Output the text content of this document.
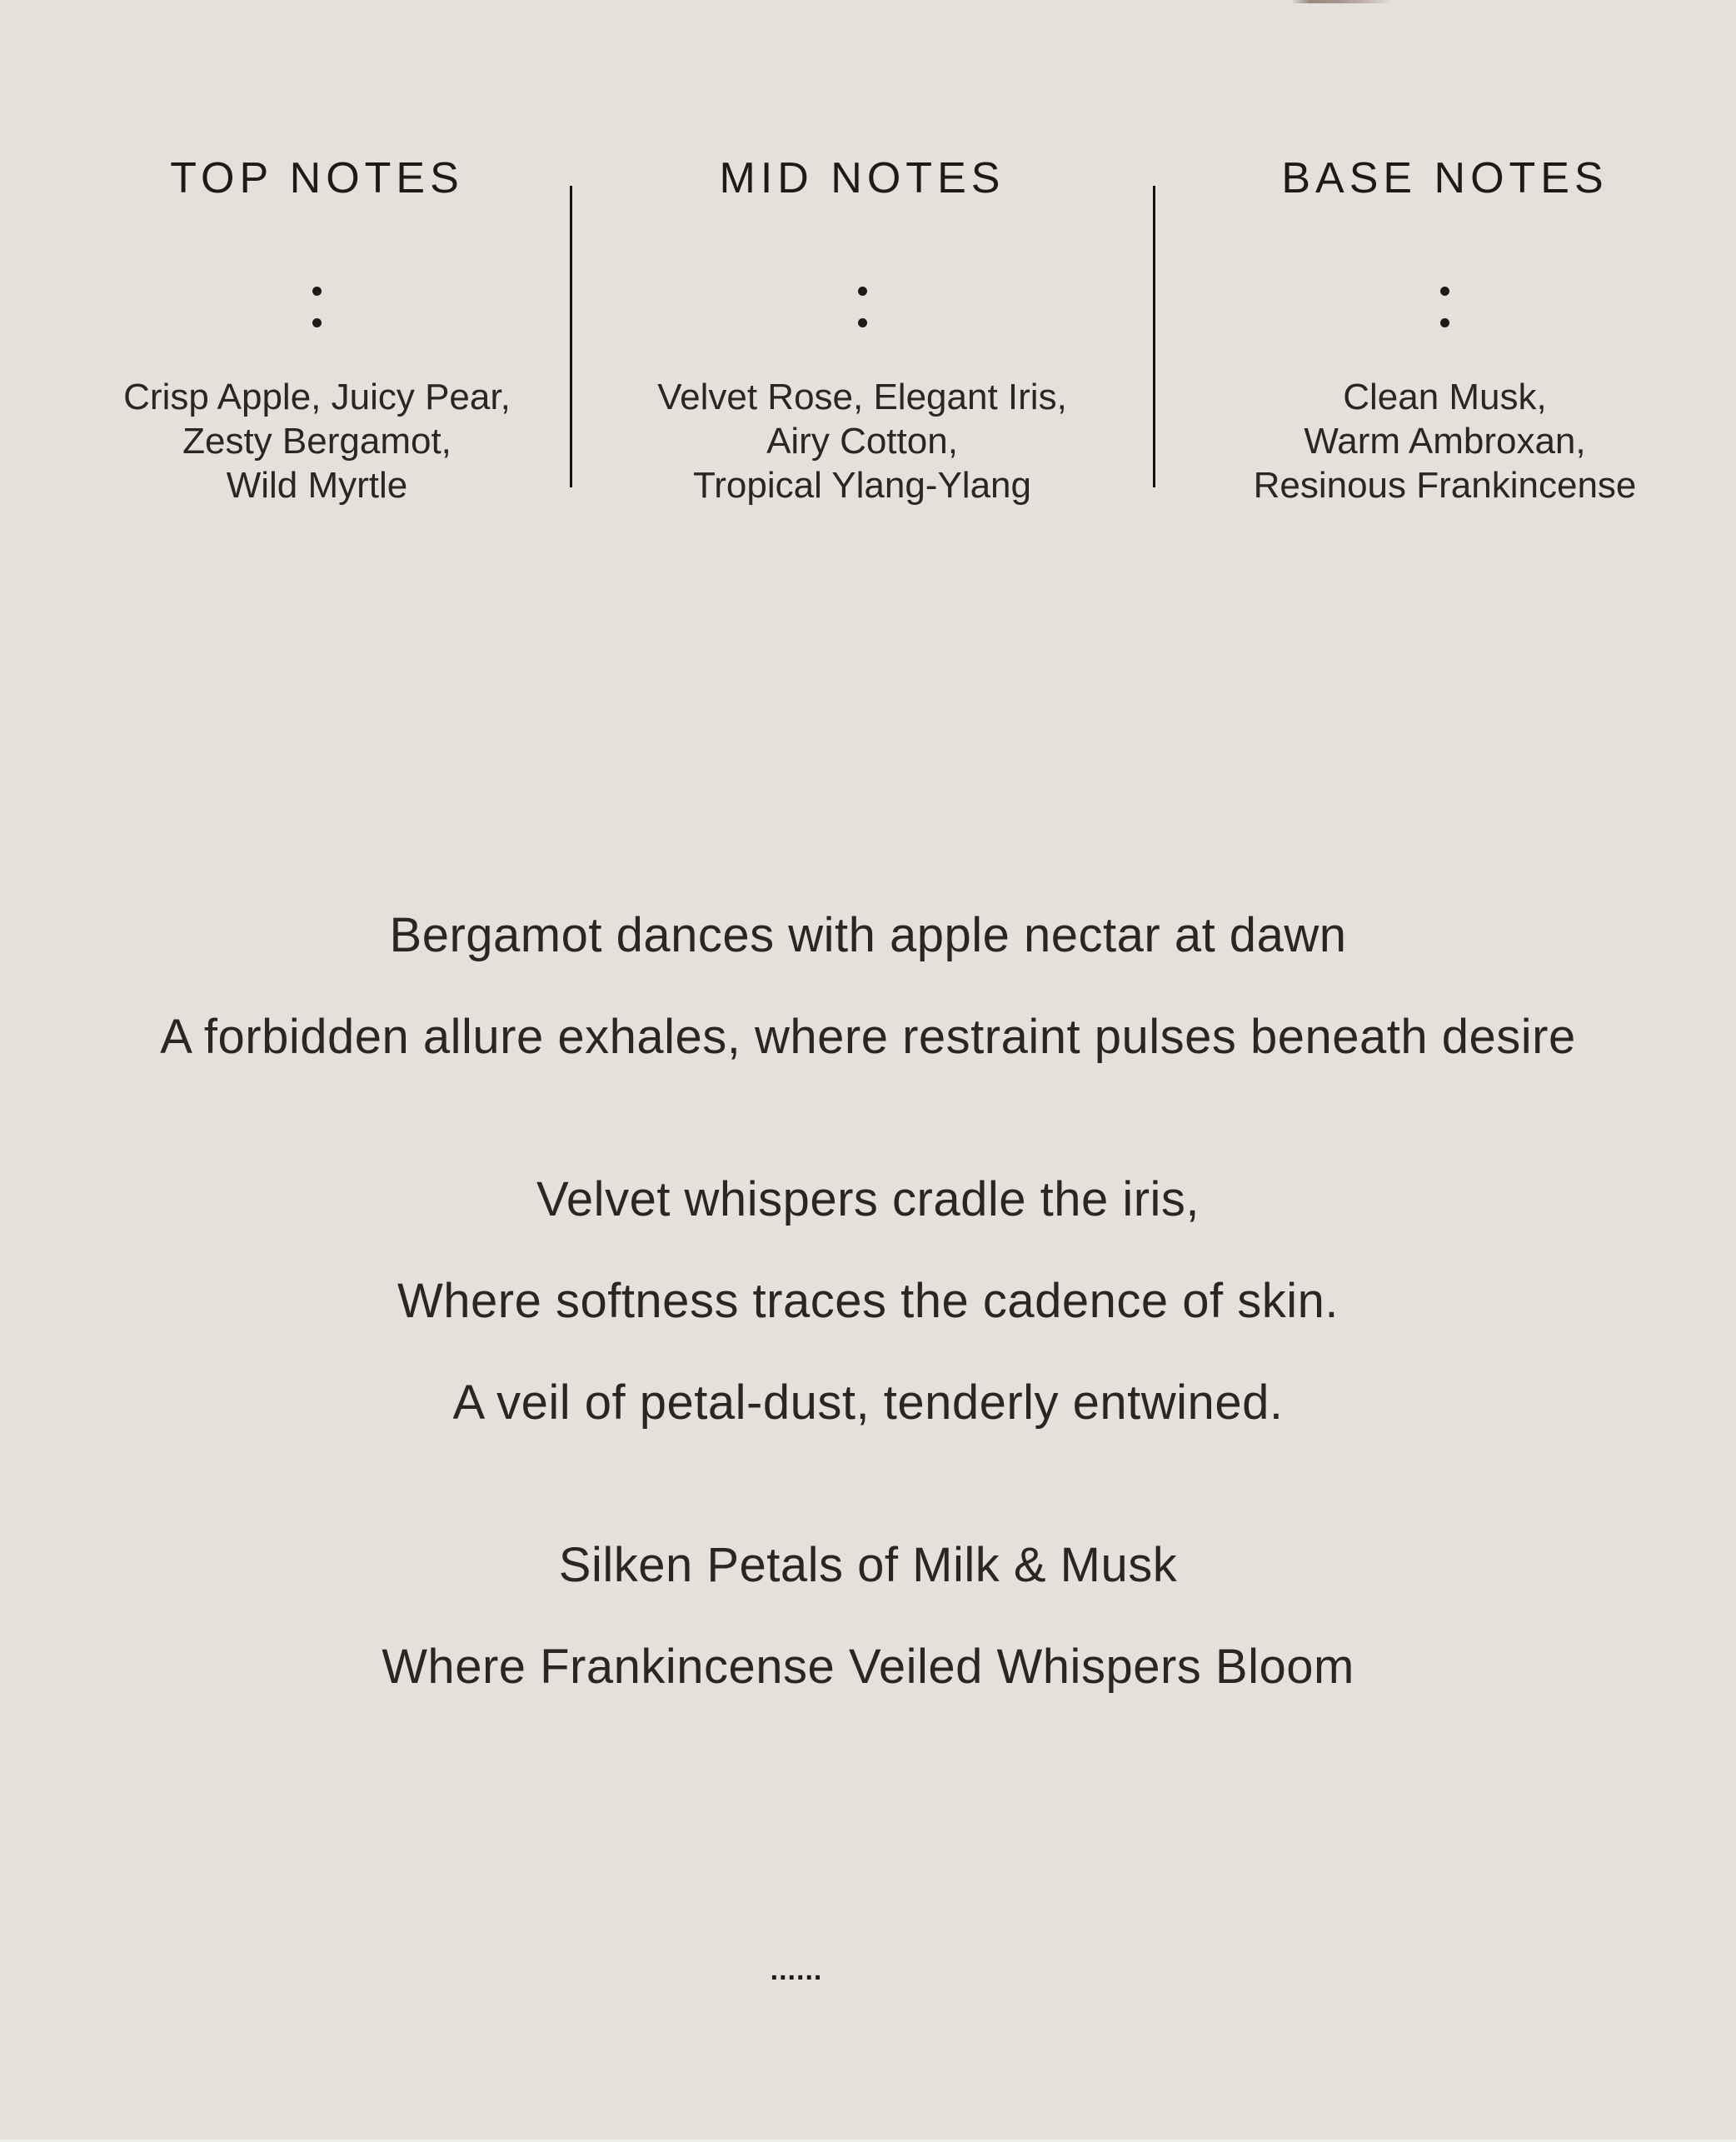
TOP NOTES

Crisp Apple, Juicy Pear,
Zesty Bergamot,
Wild Myrtle

MID NOTES

Velvet Rose, Elegant Iris,
Airy Cotton,
Tropical Ylang-Ylang

BASE NOTES

Clean Musk,
Warm Ambroxan,
Resinous Frankincense

Bergamot dances with apple nectar at dawn

A forbidden allure exhales, where restraint pulses beneath desire

Velvet whispers cradle the iris,

Where softness traces the cadence of skin.

A veil of petal-dust, tenderly entwined.

Silken Petals of Milk & Musk

Where Frankincense Veiled Whispers Bloom

......
